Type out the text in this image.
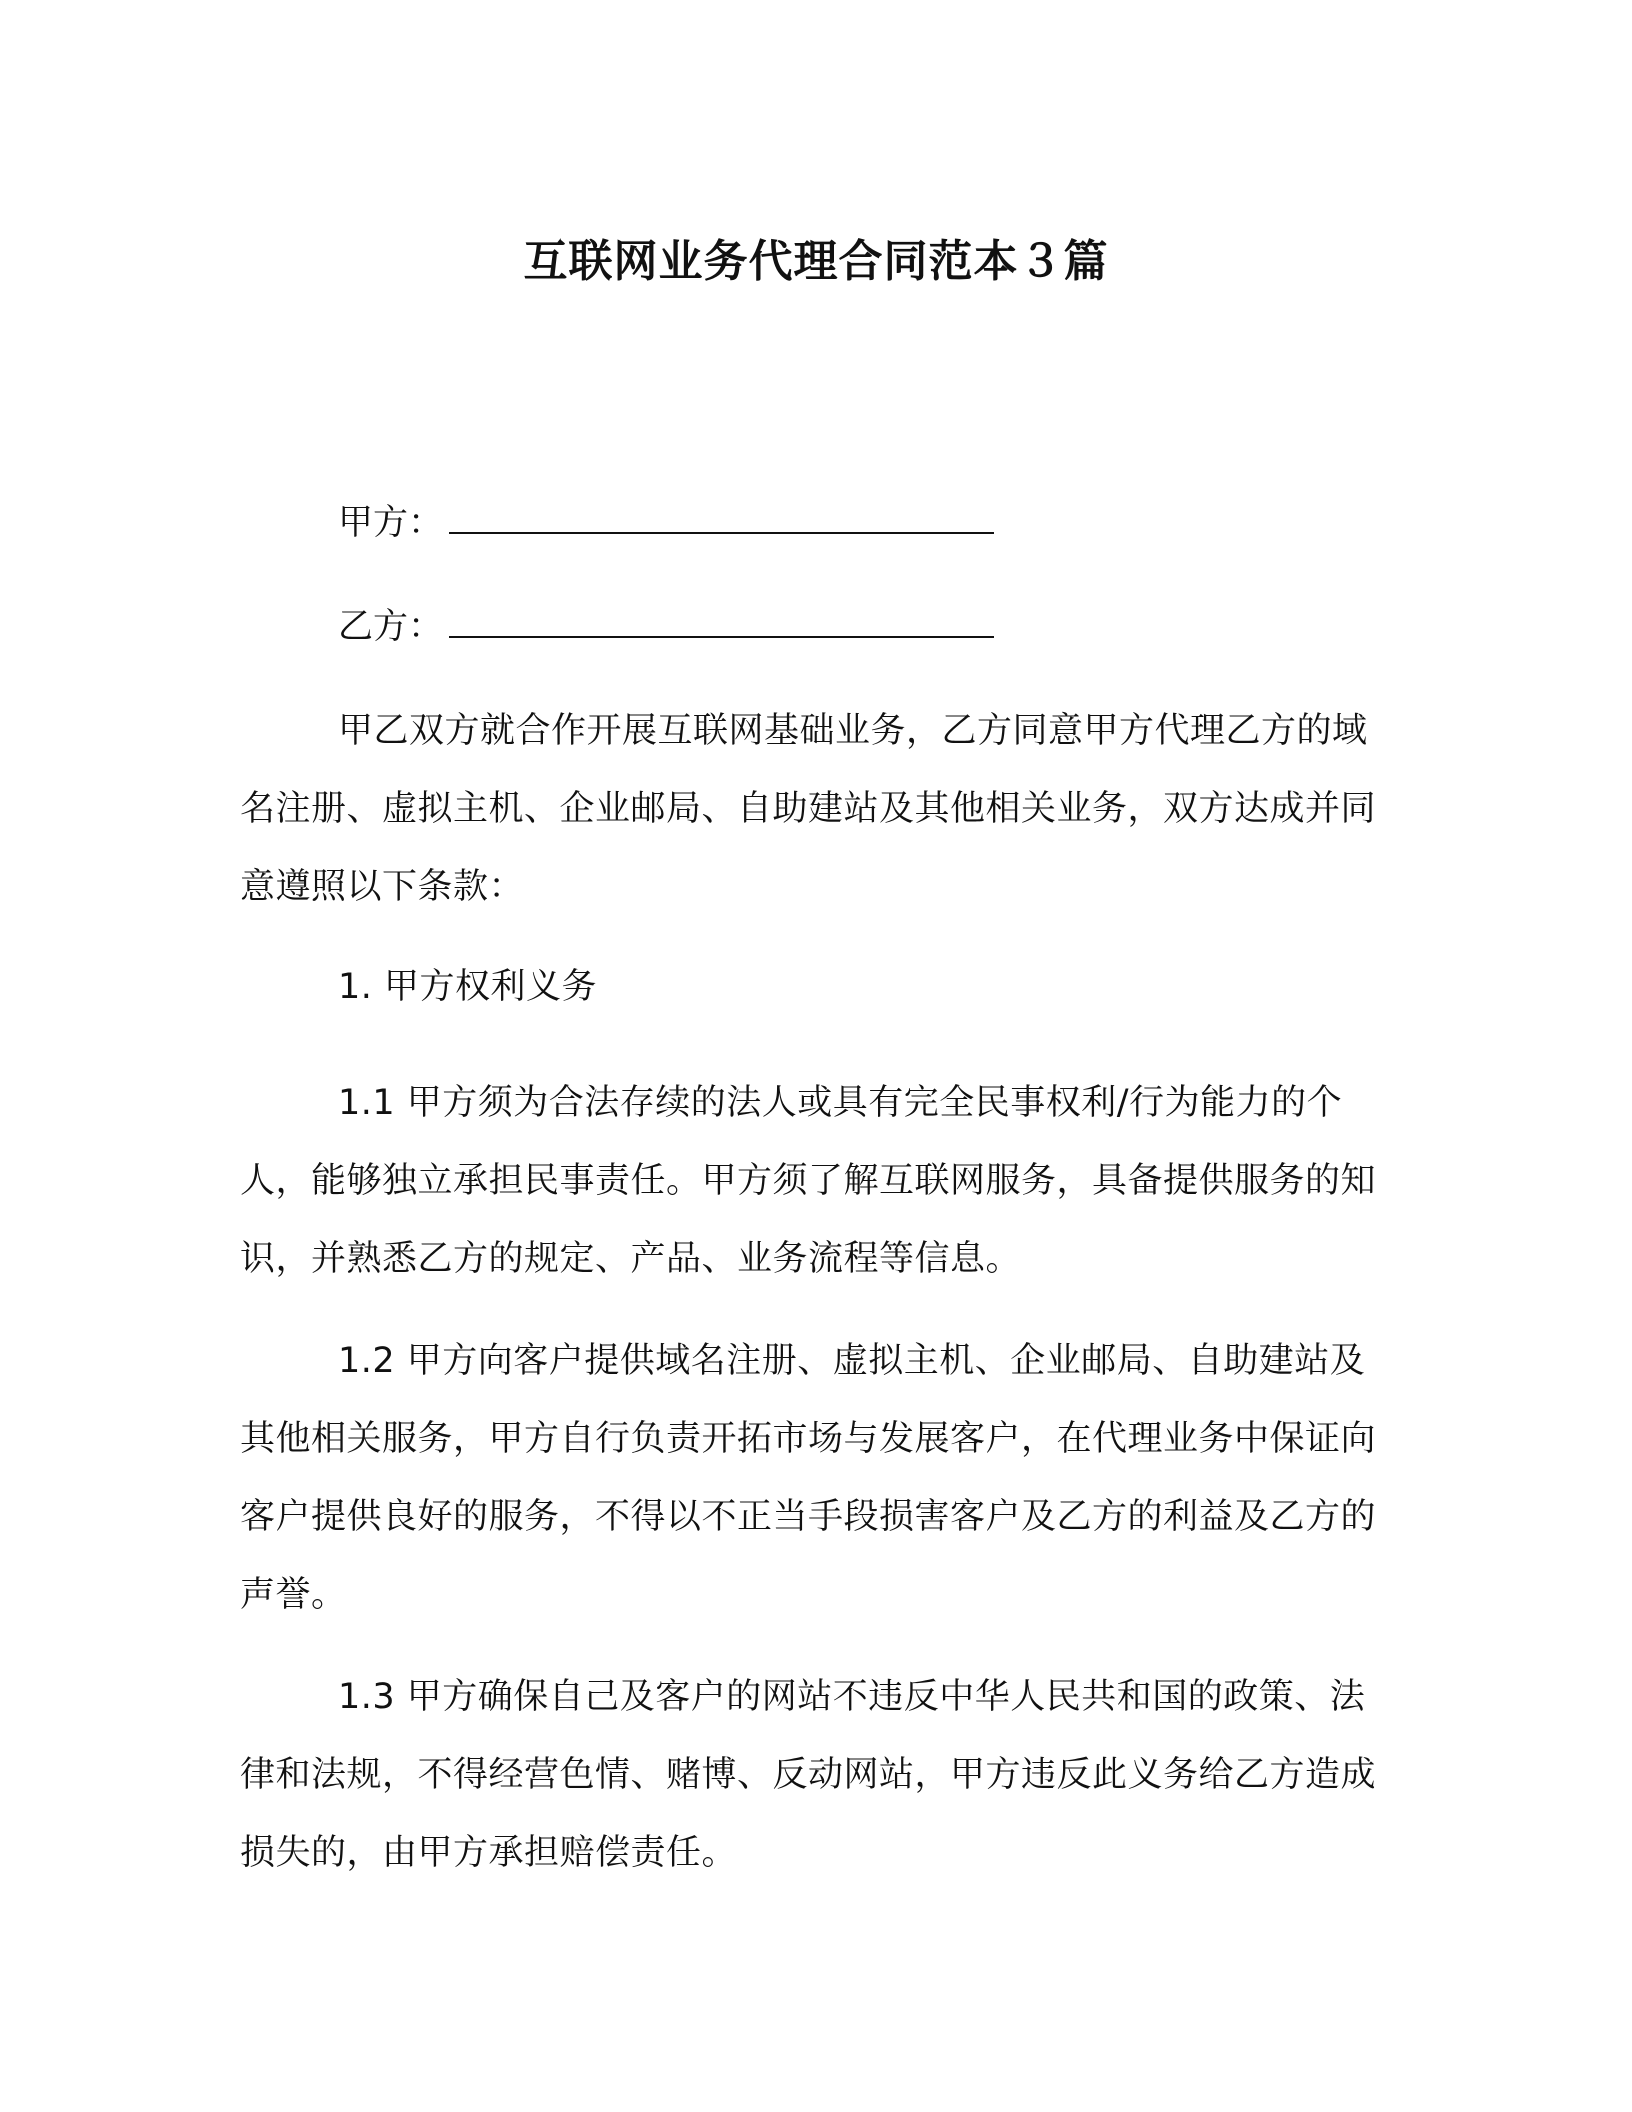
互联网业务代理合同范本３篇

甲方：

乙方：

甲乙双方就合作开展互联网基础业务，乙方同意甲方代理乙方的域名注册、虚拟主机、企业邮局、自助建站及其他相关业务，双方达成并同意遵照以下条款：

1. 甲方权利义务

1.1 甲方须为合法存续的法人或具有完全民事权利/行为能力的个人，能够独立承担民事责任。甲方须了解互联网服务，具备提供服务的知识，并熟悉乙方的规定、产品、业务流程等信息。

1.2 甲方向客户提供域名注册、虚拟主机、企业邮局、自助建站及其他相关服务，甲方自行负责开拓市场与发展客户，在代理业务中保证向客户提供良好的服务，不得以不正当手段损害客户及乙方的利益及乙方的声誉。

1.3 甲方确保自己及客户的网站不违反中华人民共和国的政策、法律和法规，不得经营色情、赌博、反动网站，甲方违反此义务给乙方造成损失的，由甲方承担赔偿责任。
